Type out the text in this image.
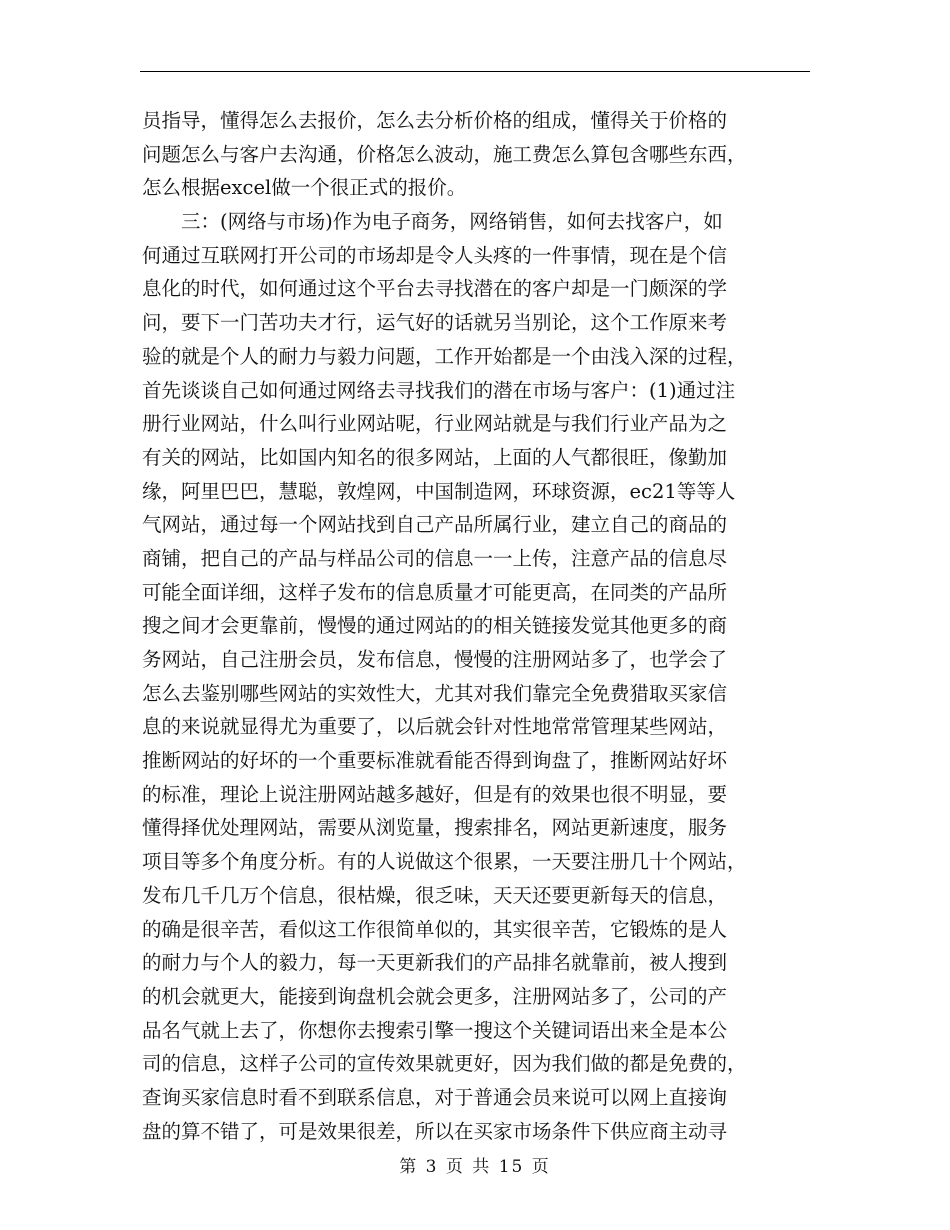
员指导，懂得怎么去报价，怎么去分析价格的组成，懂得关于价格的
问题怎么与客户去沟通，价格怎么波动，施工费怎么算包含哪些东西，
怎么根据excel做一个很正式的报价。
三：(网络与市场)作为电子商务，网络销售，如何去找客户，如
何通过互联网打开公司的市场却是令人头疼的一件事情，现在是个信
息化的时代，如何通过这个平台去寻找潜在的客户却是一门颇深的学
问，要下一门苦功夫才行，运气好的话就另当别论，这个工作原来考
验的就是个人的耐力与毅力问题，工作开始都是一个由浅入深的过程，
首先谈谈自己如何通过网络去寻找我们的潜在市场与客户：(1)通过注
册行业网站，什么叫行业网站呢，行业网站就是与我们行业产品为之
有关的网站，比如国内知名的很多网站，上面的人气都很旺，像勤加
缘，阿里巴巴，慧聪，敦煌网，中国制造网，环球资源，ec21等等人
气网站，通过每一个网站找到自己产品所属行业，建立自己的商品的
商铺，把自己的产品与样品公司的信息一一上传，注意产品的信息尽
可能全面详细，这样子发布的信息质量才可能更高，在同类的产品所
搜之间才会更靠前，慢慢的通过网站的的相关链接发觉其他更多的商
务网站，自己注册会员，发布信息，慢慢的注册网站多了，也学会了
怎么去鉴别哪些网站的实效性大，尤其对我们靠完全免费猎取买家信
息的来说就显得尤为重要了，以后就会针对性地常常管理某些网站，
推断网站的好坏的一个重要标准就看能否得到询盘了，推断网站好坏
的标准，理论上说注册网站越多越好，但是有的效果也很不明显，要
懂得择优处理网站，需要从浏览量，搜索排名，网站更新速度，服务
项目等多个角度分析。有的人说做这个很累，一天要注册几十个网站，
发布几千几万个信息，很枯燥，很乏味，天天还要更新每天的信息，
的确是很辛苦，看似这工作很简单似的，其实很辛苦，它锻炼的是人
的耐力与个人的毅力，每一天更新我们的产品排名就靠前，被人搜到
的机会就更大，能接到询盘机会就会更多，注册网站多了，公司的产
品名气就上去了，你想你去搜索引擎一搜这个关键词语出来全是本公
司的信息，这样子公司的宣传效果就更好，因为我们做的都是免费的，
查询买家信息时看不到联系信息，对于普通会员来说可以网上直接询
盘的算不错了，可是效果很差，所以在买家市场条件下供应商主动寻
第 3 页 共 15 页
